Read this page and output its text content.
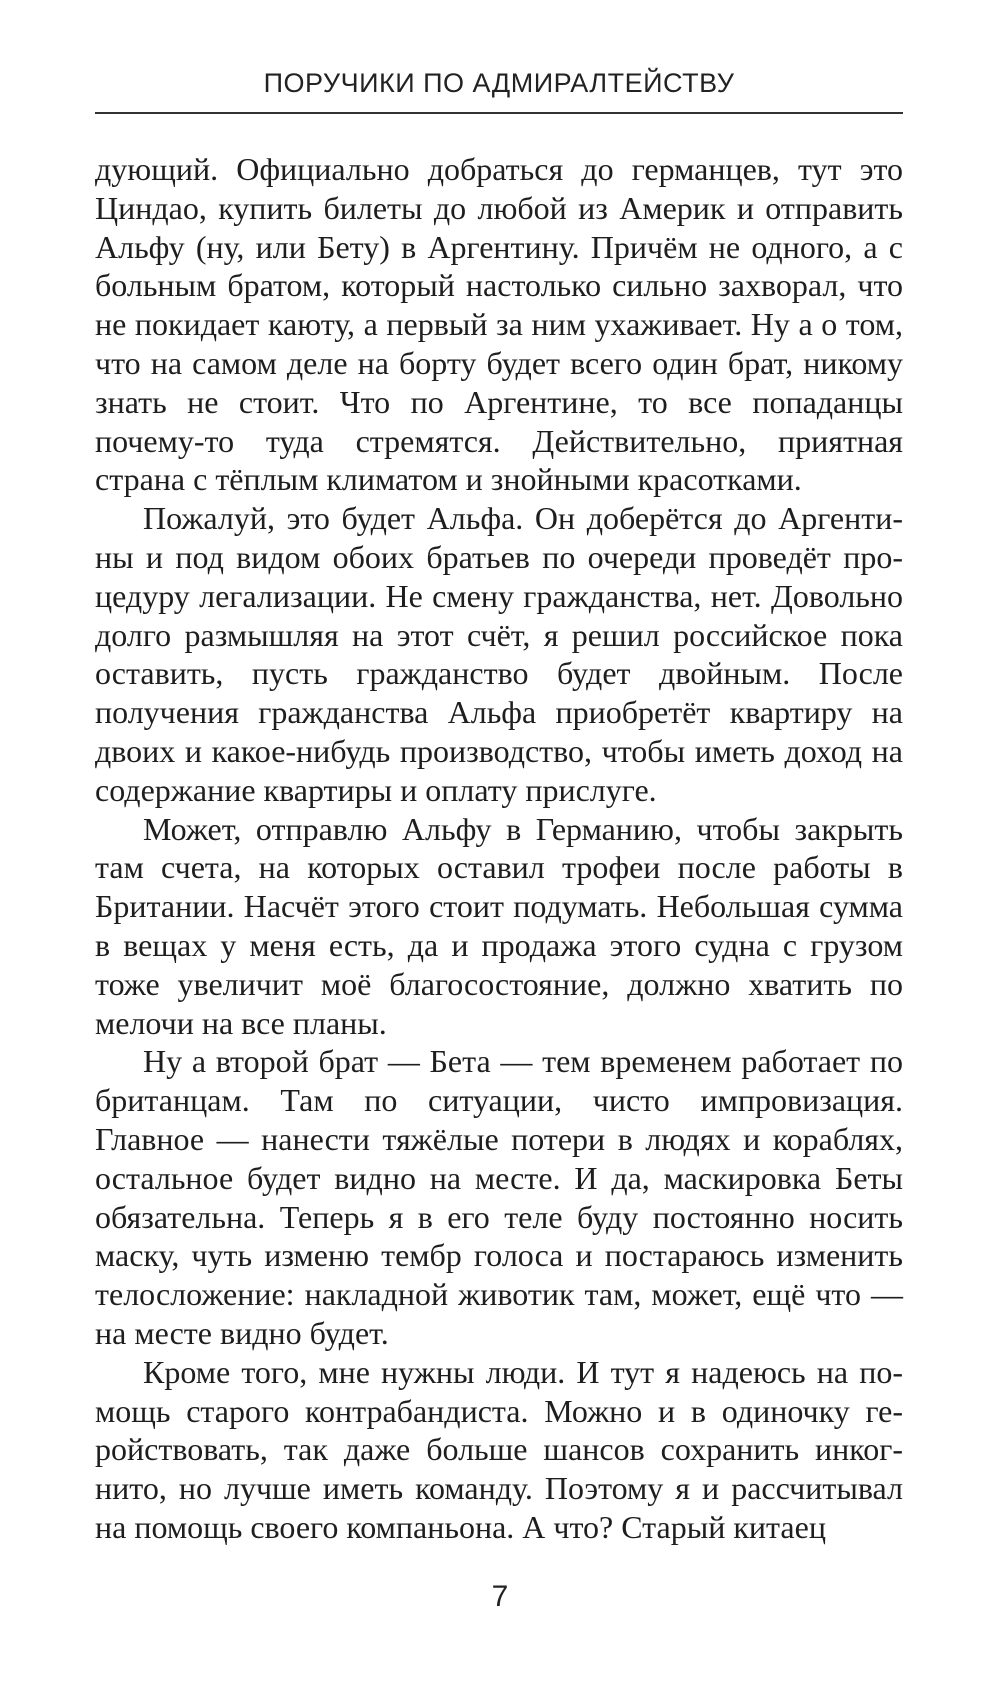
ПОРУЧИКИ ПО АДМИРАЛТЕЙСТВУ

дующий. Официально добраться до германцев, тут это Циндао, купить билеты до любой из Америк и отправить Альфу (ну, или Бету) в Аргентину. Причём не одного, а с больным братом, который настолько сильно захворал, что не покидает каюту, а первый за ним ухаживает. Ну а о том, что на самом деле на борту будет всего один брат, никому знать не стоит. Что по Аргентине, то все попаданцы почему-то туда стремятся. Действительно, приятная страна с тёплым климатом и знойными красотками.

Пожалуй, это будет Альфа. Он доберётся до Аргентины и под видом обоих братьев по очереди проведёт процедуру легализации. Не смену гражданства, нет. Довольно долго размышляя на этот счёт, я решил российское пока оставить, пусть гражданство будет двойным. После получения гражданства Альфа приобретёт квартиру на двоих и какое-нибудь производство, чтобы иметь доход на содержание квартиры и оплату прислуге.

Может, отправлю Альфу в Германию, чтобы закрыть там счета, на которых оставил трофеи после работы в Британии. Насчёт этого стоит подумать. Небольшая сумма в вещах у меня есть, да и продажа этого судна с грузом тоже увеличит моё благосостояние, должно хватить по мелочи на все планы.

Ну а второй брат — Бета — тем временем работает по британцам. Там по ситуации, чисто импровизация. Главное — нанести тяжёлые потери в людях и кораблях, остальное будет видно на месте. И да, маскировка Беты обязательна. Теперь я в его теле буду постоянно носить маску, чуть изменю тембр голоса и постараюсь изменить телосложение: накладной животик там, может, ещё что — на месте видно будет.

Кроме того, мне нужны люди. И тут я надеюсь на помощь старого контрабандиста. Можно и в одиночку геройствовать, так даже больше шансов сохранить инкогнито, но лучше иметь команду. Поэтому я и рассчитывал на помощь своего компаньона. А что? Старый китаец

7
